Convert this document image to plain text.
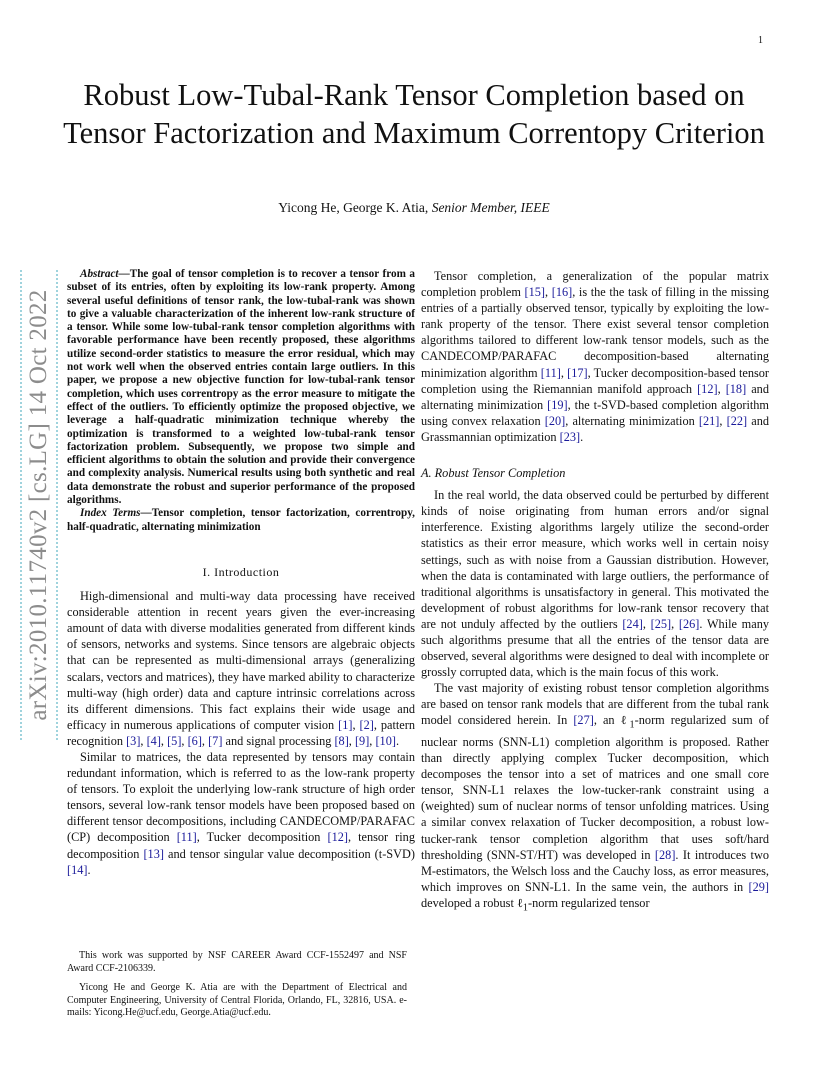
1
arXiv:2010.11740v2 [cs.LG] 14 Oct 2022
Robust Low-Tubal-Rank Tensor Completion based on Tensor Factorization and Maximum Correntopy Criterion
Yicong He, George K. Atia, Senior Member, IEEE

Abstract—The goal of tensor completion is to recover a tensor from a subset of its entries, often by exploiting its low-rank property. Among several useful definitions of tensor rank, the low-tubal-rank was shown to give a valuable characterization of the inherent low-rank structure of a tensor. While some low-tubal-rank tensor completion algorithms with favorable performance have been recently proposed, these algorithms utilize second-order statistics to measure the error residual, which may not work well when the observed entries contain large outliers. In this paper, we propose a new objective function for low-tubal-rank tensor completion, which uses correntropy as the error measure to mitigate the effect of the outliers. To efficiently optimize the proposed objective, we leverage a half-quadratic minimization technique whereby the optimization is transformed to a weighted low-tubal-rank tensor factorization problem. Subsequently, we propose two simple and efficient algorithms to obtain the solution and provide their convergence and complexity analysis. Numerical results using both synthetic and real data demonstrate the robust and superior performance of the proposed algorithms.

Index Terms—Tensor completion, tensor factorization, correntropy, half-quadratic, alternating minimization

I. Introduction

High-dimensional and multi-way data processing have received considerable attention in recent years given the ever-increasing amount of data with diverse modalities generated from different kinds of sensors, networks and systems. Since tensors are algebraic objects that can be represented as multi-dimensional arrays (generalizing scalars, vectors and matrices), they have marked ability to characterize multi-way (high order) data and capture intrinsic correlations across its different dimensions. This fact explains their wide usage and efficacy in numerous applications of computer vision [1], [2], pattern recognition [3], [4], [5], [6], [7] and signal processing [8], [9], [10].

Similar to matrices, the data represented by tensors may contain redundant information, which is referred to as the low-rank property of tensors. To exploit the underlying low-rank structure of high order tensors, several low-rank tensor models have been proposed based on different tensor decompositions, including CANDECOMP/PARAFAC (CP) decomposition [11], Tucker decomposition [12], tensor ring decomposition [13] and tensor singular value decomposition (t-SVD) [14].

Tensor completion, a generalization of the popular matrix completion problem [15], [16], is the the task of filling in the missing entries of a partially observed tensor, typically by exploiting the low-rank property of the tensor. There exist several tensor completion algorithms tailored to different low-rank tensor models, such as the CANDECOMP/PARAFAC decomposition-based alternating minimization algorithm [11], [17], Tucker decomposition-based tensor completion using the Riemannian manifold approach [12], [18] and alternating minimization [19], the t-SVD-based completion algorithm using convex relaxation [20], alternating minimization [21], [22] and Grassmannian optimization [23].

A. Robust Tensor Completion

In the real world, the data observed could be perturbed by different kinds of noise originating from human errors and/or signal interference. Existing algorithms largely utilize the second-order statistics as their error measure, which works well in certain noisy settings, such as with noise from a Gaussian distribution. However, when the data is contaminated with large outliers, the performance of traditional algorithms is unsatisfactory in general. This motivated the development of robust algorithms for low-rank tensor recovery that are not unduly affected by the outliers [24], [25], [26]. While many such algorithms presume that all the entries of the tensor data are observed, several algorithms were designed to deal with incomplete or grossly corrupted data, which is the main focus of this work.

The vast majority of existing robust tensor completion algorithms are based on tensor rank models that are different from the tubal rank model considered herein. In [27], an ℓ$_1$-norm regularized sum of nuclear norms (SNN-L1) completion algorithm is proposed. Rather than directly applying complex Tucker decomposition, which decomposes the tensor into a set of matrices and one small core tensor, SNN-L1 relaxes the low-tucker-rank constraint using a (weighted) sum of nuclear norms of tensor unfolding matrices. Using a similar convex relaxation of Tucker decomposition, a robust low-tucker-rank tensor completion algorithm that uses soft/hard thresholding (SNN-ST/HT) was developed in [28]. It introduces two M-estimators, the Welsch loss and the Cauchy loss, as error measures, which improves on SNN-L1. In the same vein, the authors in [29] developed a robust ℓ$_1$-norm regularized tensor

This work was supported by NSF CAREER Award CCF-1552497 and NSF Award CCF-2106339.

Yicong He and George K. Atia are with the Department of Electrical and Computer Engineering, University of Central Florida, Orlando, FL, 32816, USA. e-mails: Yicong.He@ucf.edu, George.Atia@ucf.edu.
